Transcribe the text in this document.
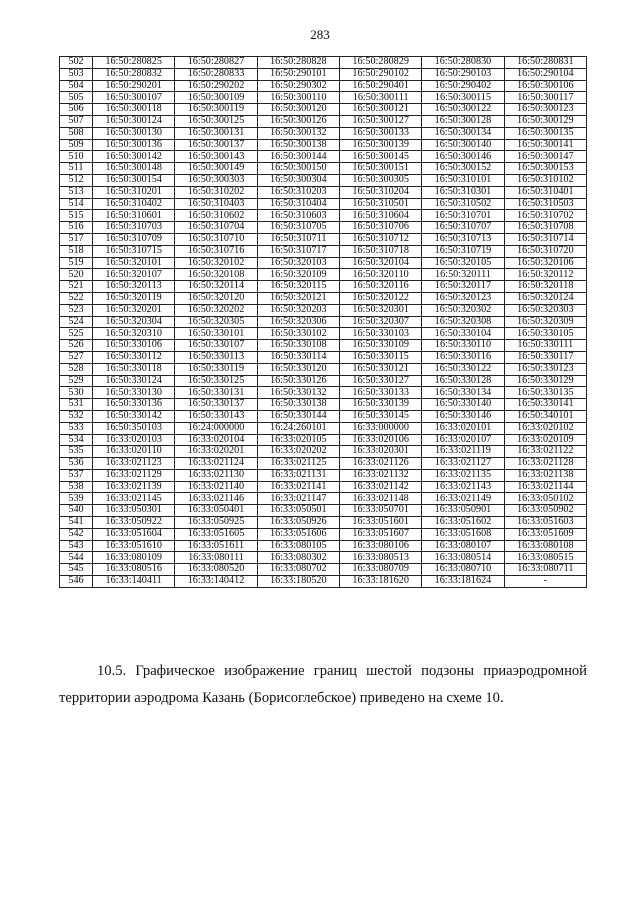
283
502	16:50:280825	16:50:280827	16:50:280828	16:50:280829	16:50:280830	16:50:280831
503	16:50:280832	16:50:280833	16:50:290101	16:50:290102	16:50:290103	16:50:290104
504	16:50:290201	16:50:290202	16:50:290302	16:50:290401	16:50:290402	16:50:300106
505	16:50:300107	16:50:300109	16:50:300110	16:50:300111	16:50:300115	16:50:300117
506	16:50:300118	16:50:300119	16:50:300120	16:50:300121	16:50:300122	16:50:300123
507	16:50:300124	16:50:300125	16:50:300126	16:50:300127	16:50:300128	16:50:300129
508	16:50:300130	16:50:300131	16:50:300132	16:50:300133	16:50:300134	16:50:300135
509	16:50:300136	16:50:300137	16:50:300138	16:50:300139	16:50:300140	16:50:300141
510	16:50:300142	16:50:300143	16:50:300144	16:50:300145	16:50:300146	16:50:300147
511	16:50:300148	16:50:300149	16:50:300150	16:50:300151	16:50:300152	16:50:300153
512	16:50:300154	16:50:300303	16:50:300304	16:50:300305	16:50:310101	16:50:310102
513	16:50:310201	16:50:310202	16:50:310203	16:50:310204	16:50:310301	16:50:310401
514	16:50:310402	16:50:310403	16:50:310404	16:50:310501	16:50:310502	16:50:310503
515	16:50:310601	16:50:310602	16:50:310603	16:50:310604	16:50:310701	16:50:310702
516	16:50:310703	16:50:310704	16:50:310705	16:50:310706	16:50:310707	16:50:310708
517	16:50:310709	16:50:310710	16:50:310711	16:50:310712	16:50:310713	16:50:310714
518	16:50:310715	16:50:310716	16:50:310717	16:50:310718	16:50:310719	16:50:310720
519	16:50:320101	16:50:320102	16:50:320103	16:50:320104	16:50:320105	16:50:320106
520	16:50:320107	16:50:320108	16:50:320109	16:50:320110	16:50:320111	16:50:320112
521	16:50:320113	16:50:320114	16:50:320115	16:50:320116	16:50:320117	16:50:320118
522	16:50:320119	16:50:320120	16:50:320121	16:50:320122	16:50:320123	16:50:320124
523	16:50:320201	16:50:320202	16:50:320203	16:50:320301	16:50:320302	16:50:320303
524	16:50:320304	16:50:320305	16:50:320306	16:50:320307	16:50:320308	16:50:320309
525	16:50:320310	16:50:330101	16:50:330102	16:50:330103	16:50:330104	16:50:330105
526	16:50:330106	16:50:330107	16:50:330108	16:50:330109	16:50:330110	16:50:330111
527	16:50:330112	16:50:330113	16:50:330114	16:50:330115	16:50:330116	16:50:330117
528	16:50:330118	16:50:330119	16:50:330120	16:50:330121	16:50:330122	16:50:330123
529	16:50:330124	16:50:330125	16:50:330126	16:50:330127	16:50:330128	16:50:330129
530	16:50:330130	16:50:330131	16:50:330132	16:50:330133	16:50:330134	16:50:330135
531	16:50:330136	16:50:330137	16:50:330138	16:50:330139	16:50:330140	16:50:330141
532	16:50:330142	16:50:330143	16:50:330144	16:50:330145	16:50:330146	16:50:340101
533	16:50:350103	16:24:000000	16:24:260101	16:33:000000	16:33:020101	16:33:020102
534	16:33:020103	16:33:020104	16:33:020105	16:33:020106	16:33:020107	16:33:020109
535	16:33:020110	16:33:020201	16:33:020202	16:33:020301	16:33:021119	16:33:021122
536	16:33:021123	16:33:021124	16:33:021125	16:33:021126	16:33:021127	16:33:021128
537	16:33:021129	16:33:021130	16:33:021131	16:33:021132	16:33:021135	16:33:021138
538	16:33:021139	16:33:021140	16:33:021141	16:33:021142	16:33:021143	16:33:021144
539	16:33:021145	16:33:021146	16:33:021147	16:33:021148	16:33:021149	16:33:050102
540	16:33:050301	16:33:050401	16:33:050501	16:33:050701	16:33:050901	16:33:050902
541	16:33:050922	16:33:050925	16:33:050926	16:33:051601	16:33:051602	16:33:051603
542	16:33:051604	16:33:051605	16:33:051606	16:33:051607	16:33:051608	16:33:051609
543	16:33:051610	16:33:051611	16:33:080105	16:33:080106	16:33:080107	16:33:080108
544	16:33:080109	16:33:080111	16:33:080302	16:33:080513	16:33:080514	16:33:080515
545	16:33:080516	16:33:080520	16:33:080702	16:33:080709	16:33:080710	16:33:080711
546	16:33:140411	16:33:140412	16:33:180520	16:33:181620	16:33:181624	-
10.5. Графическое изображение границ шестой подзоны приаэродромной
территории аэродрома Казань (Борисоглебское) приведено на схеме 10.
